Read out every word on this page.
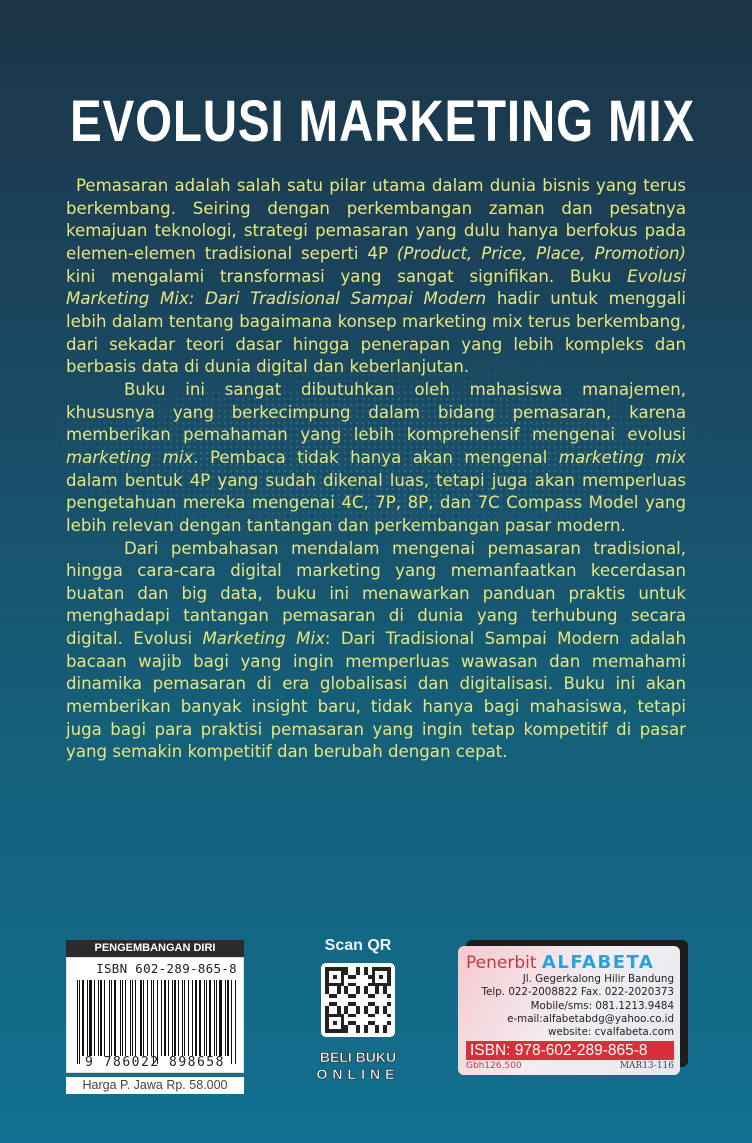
EVOLUSI MARKETING MIX

Pemasaran adalah salah satu pilar utama dalam dunia bisnis yang terus berkembang. Seiring dengan perkembangan zaman dan pesatnya kemajuan teknologi, strategi pemasaran yang dulu hanya berfokus pada elemen-elemen tradisional seperti 4P (Product, Price, Place, Promotion) kini mengalami transformasi yang sangat signifikan. Buku Evolusi Marketing Mix: Dari Tradisional Sampai Modern hadir untuk menggali lebih dalam tentang bagaimana konsep marketing mix terus berkembang, dari sekadar teori dasar hingga penerapan yang lebih kompleks dan berbasis data di dunia digital dan keberlanjutan.

Buku ini sangat dibutuhkan oleh mahasiswa manajemen, khususnya yang berkecimpung dalam bidang pemasaran, karena memberikan pemahaman yang lebih komprehensif mengenai evolusi marketing mix. Pembaca tidak hanya akan mengenal marketing mix dalam bentuk 4P yang sudah dikenal luas, tetapi juga akan memperluas pengetahuan mereka mengenai 4C, 7P, 8P, dan 7C Compass Model yang lebih relevan dengan tantangan dan perkembangan pasar modern.

Dari pembahasan mendalam mengenai pemasaran tradisional, hingga cara-cara digital marketing yang memanfaatkan kecerdasan buatan dan big data, buku ini menawarkan panduan praktis untuk menghadapi tantangan pemasaran di dunia yang terhubung secara digital. Evolusi Marketing Mix: Dari Tradisional Sampai Modern adalah bacaan wajib bagi yang ingin memperluas wawasan dan memahami dinamika pemasaran di era globalisasi dan digitalisasi. Buku ini akan memberikan banyak insight baru, tidak hanya bagi mahasiswa, tetapi juga bagi para praktisi pemasaran yang ingin tetap kompetitif di pasar yang semakin kompetitif dan berubah dengan cepat.

PENGEMBANGAN DIRI
ISBN 602-289-865-8
9 786022 898658
Harga P. Jawa Rp. 58.000
Scan QR
BELI BUKU
ONLINE
Penerbit ALFABETA
Jl. Gegerkalong Hilir Bandung
Telp. 022-2008822 Fax. 022-2020373
Mobile/sms: 081.1213.9484
e-mail:alfabetabdg@yahoo.co.id
website: cvalfabeta.com
ISBN: 978-602-289-865-8
Gbh126.500	MAR13-116
